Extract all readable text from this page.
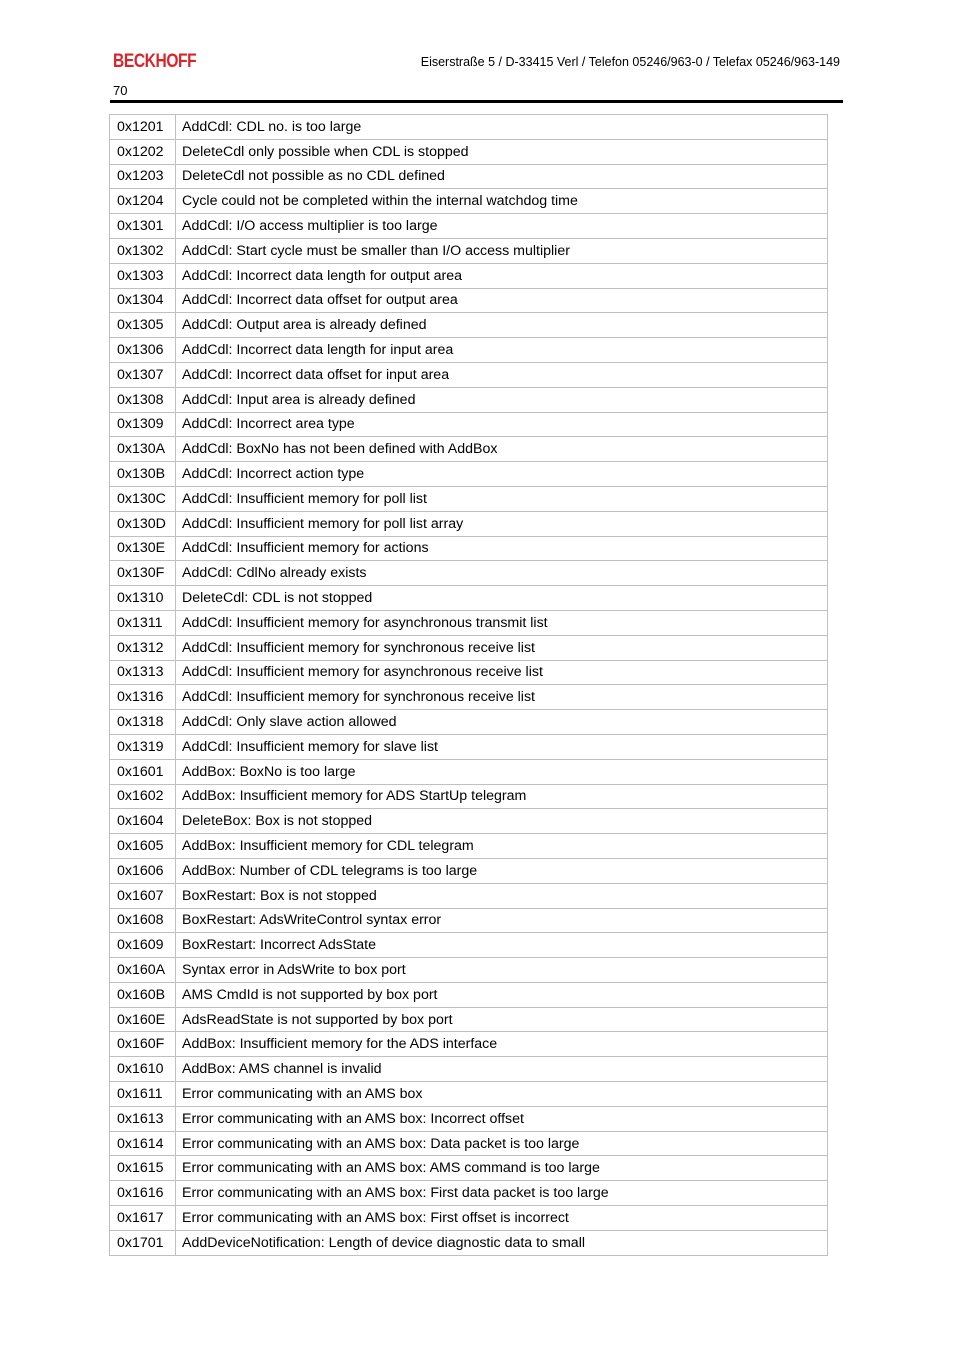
BECKHOFF	Eiserstraße 5 / D-33415 Verl / Telefon 05246/963-0 / Telefax 05246/963-149
70
0x1201	AddCdl: CDL no. is too large
0x1202	DeleteCdl only possible when CDL is stopped
0x1203	DeleteCdl not possible as no CDL defined
0x1204	Cycle could not be completed within the internal watchdog time
0x1301	AddCdl: I/O access multiplier is too large
0x1302	AddCdl: Start cycle must be smaller than I/O access multiplier
0x1303	AddCdl: Incorrect data length for output area
0x1304	AddCdl: Incorrect data offset for output area
0x1305	AddCdl: Output area is already defined
0x1306	AddCdl: Incorrect data length for input area
0x1307	AddCdl: Incorrect data offset for input area
0x1308	AddCdl: Input area is already defined
0x1309	AddCdl: Incorrect area type
0x130A	AddCdl: BoxNo has not been defined with AddBox
0x130B	AddCdl: Incorrect action type
0x130C	AddCdl: Insufficient memory for poll list
0x130D	AddCdl: Insufficient memory for poll list array
0x130E	AddCdl: Insufficient memory for actions
0x130F	AddCdl: CdlNo already exists
0x1310	DeleteCdl: CDL is not stopped
0x1311	AddCdl: Insufficient memory for asynchronous transmit list
0x1312	AddCdl: Insufficient memory for synchronous receive list
0x1313	AddCdl: Insufficient memory for asynchronous receive list
0x1316	AddCdl: Insufficient memory for synchronous receive list
0x1318	AddCdl: Only slave action allowed
0x1319	AddCdl: Insufficient memory for slave list
0x1601	AddBox: BoxNo is too large
0x1602	AddBox: Insufficient memory for ADS StartUp telegram
0x1604	DeleteBox: Box is not stopped
0x1605	AddBox: Insufficient memory for CDL telegram
0x1606	AddBox: Number of CDL telegrams is too large
0x1607	BoxRestart: Box is not stopped
0x1608	BoxRestart: AdsWriteControl syntax error
0x1609	BoxRestart: Incorrect AdsState
0x160A	Syntax error in AdsWrite to box port
0x160B	AMS CmdId is not supported by box port
0x160E	AdsReadState is not supported by box port
0x160F	AddBox: Insufficient memory for the ADS interface
0x1610	AddBox: AMS channel is invalid
0x1611	Error communicating with an AMS box
0x1613	Error communicating with an AMS box: Incorrect offset
0x1614	Error communicating with an AMS box: Data packet is too large
0x1615	Error communicating with an AMS box: AMS command is too large
0x1616	Error communicating with an AMS box: First data packet is too large
0x1617	Error communicating with an AMS box: First offset is incorrect
0x1701	AddDeviceNotification: Length of device diagnostic data to small
